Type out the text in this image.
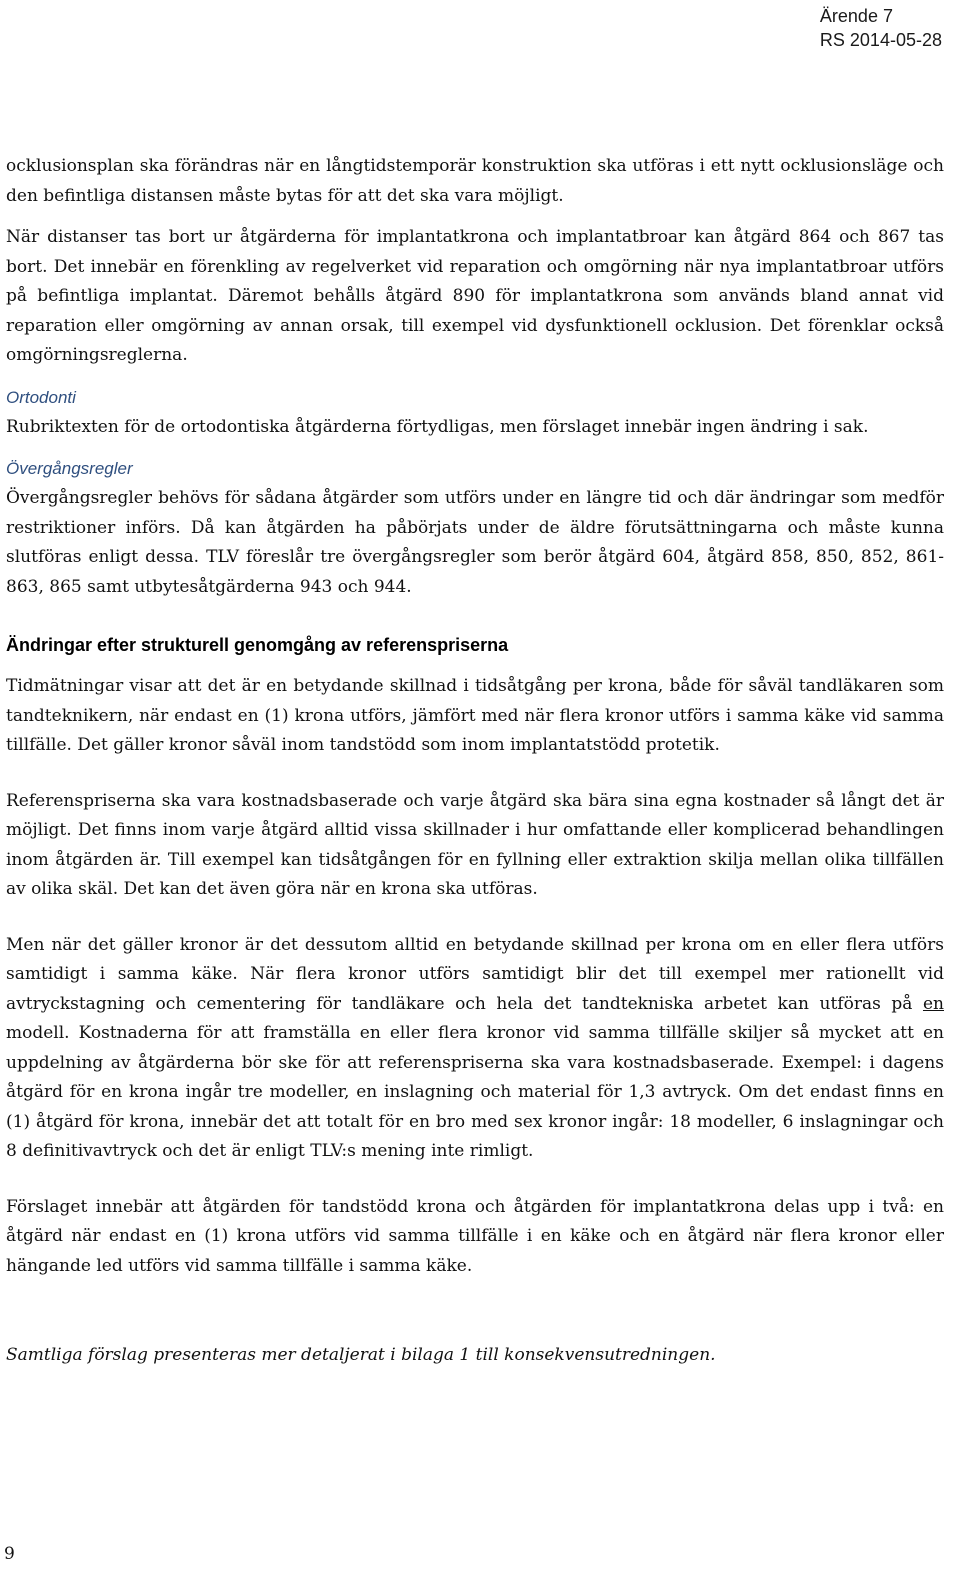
Ärende 7
RS 2014-05-28

ocklusionsplan ska förändras när en långtidstemporär konstruktion ska utföras i ett nytt ocklusionsläge och den befintliga distansen måste bytas för att det ska vara möjligt.

När distanser tas bort ur åtgärderna för implantatkrona och implantatbroar kan åtgärd 864 och 867 tas bort. Det innebär en förenkling av regelverket vid reparation och omgörning när nya implantatbroar utförs på befintliga implantat. Däremot behålls åtgärd 890 för implantatkrona som används bland annat vid reparation eller omgörning av annan orsak, till exempel vid dysfunktionell ocklusion. Det förenklar också omgörningsreglerna.

Ortodonti

Rubriktexten för de ortodontiska åtgärderna förtydligas, men förslaget innebär ingen ändring i sak.

Övergångsregler

Övergångsregler behövs för sådana åtgärder som utförs under en längre tid och där ändringar som medför restriktioner införs. Då kan åtgärden ha påbörjats under de äldre förutsättningarna och måste kunna slutföras enligt dessa. TLV föreslår tre övergångsregler som berör åtgärd 604, åtgärd 858, 850, 852, 861-863, 865 samt utbytesåtgärderna 943 och 944.

Ändringar efter strukturell genomgång av referenspriserna

Tidmätningar visar att det är en betydande skillnad i tidsåtgång per krona, både för såväl tandläkaren som tandteknikern, när endast en (1) krona utförs, jämfört med när flera kronor utförs i samma käke vid samma tillfälle. Det gäller kronor såväl inom tandstödd som inom implantatstödd protetik.

Referenspriserna ska vara kostnadsbaserade och varje åtgärd ska bära sina egna kostnader så långt det är möjligt. Det finns inom varje åtgärd alltid vissa skillnader i hur omfattande eller komplicerad behandlingen inom åtgärden är. Till exempel kan tidsåtgången för en fyllning eller extraktion skilja mellan olika tillfällen av olika skäl. Det kan det även göra när en krona ska utföras.

Men när det gäller kronor är det dessutom alltid en betydande skillnad per krona om en eller flera utförs samtidigt i samma käke. När flera kronor utförs samtidigt blir det till exempel mer rationellt vid avtryckstagning och cementering för tandläkare och hela det tandtekniska arbetet kan utföras på en modell. Kostnaderna för att framställa en eller flera kronor vid samma tillfälle skiljer så mycket att en uppdelning av åtgärderna bör ske för att referenspriserna ska vara kostnadsbaserade. Exempel: i dagens åtgärd för en krona ingår tre modeller, en inslagning och material för 1,3 avtryck. Om det endast finns en (1) åtgärd för krona, innebär det att totalt för en bro med sex kronor ingår: 18 modeller, 6 inslagningar och 8 definitivavtryck och det är enligt TLV:s mening inte rimligt.

Förslaget innebär att åtgärden för tandstödd krona och åtgärden för implantatkrona delas upp i två: en åtgärd när endast en (1) krona utförs vid samma tillfälle i en käke och en åtgärd när flera kronor eller hängande led utförs vid samma tillfälle i samma käke.

Samtliga förslag presenteras mer detaljerat i bilaga 1 till konsekvensutredningen.

9
